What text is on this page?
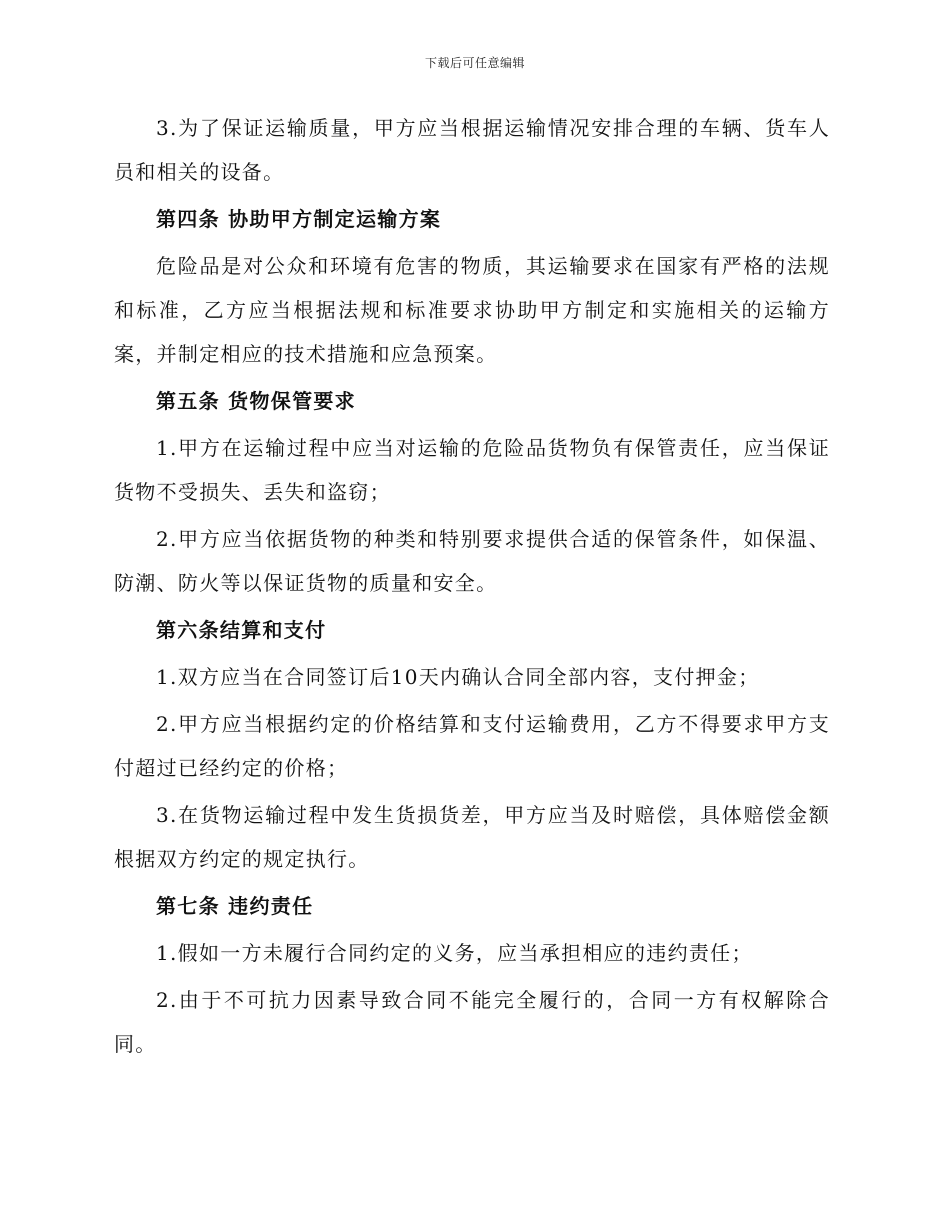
下载后可任意编辑

3.为了保证运输质量，甲方应当根据运输情况安排合理的车辆、货车人员和相关的设备。

第四条 协助甲方制定运输方案

危险品是对公众和环境有危害的物质，其运输要求在国家有严格的法规和标准，乙方应当根据法规和标准要求协助甲方制定和实施相关的运输方案，并制定相应的技术措施和应急预案。

第五条 货物保管要求

1.甲方在运输过程中应当对运输的危险品货物负有保管责任，应当保证货物不受损失、丢失和盗窃；

2.甲方应当依据货物的种类和特别要求提供合适的保管条件，如保温、防潮、防火等以保证货物的质量和安全。

第六条结算和支付

1.双方应当在合同签订后10天内确认合同全部内容，支付押金；

2.甲方应当根据约定的价格结算和支付运输费用，乙方不得要求甲方支付超过已经约定的价格；

3.在货物运输过程中发生货损货差，甲方应当及时赔偿，具体赔偿金额根据双方约定的规定执行。

第七条 违约责任

1.假如一方未履行合同约定的义务，应当承担相应的违约责任；

2.由于不可抗力因素导致合同不能完全履行的，合同一方有权解除合同。
